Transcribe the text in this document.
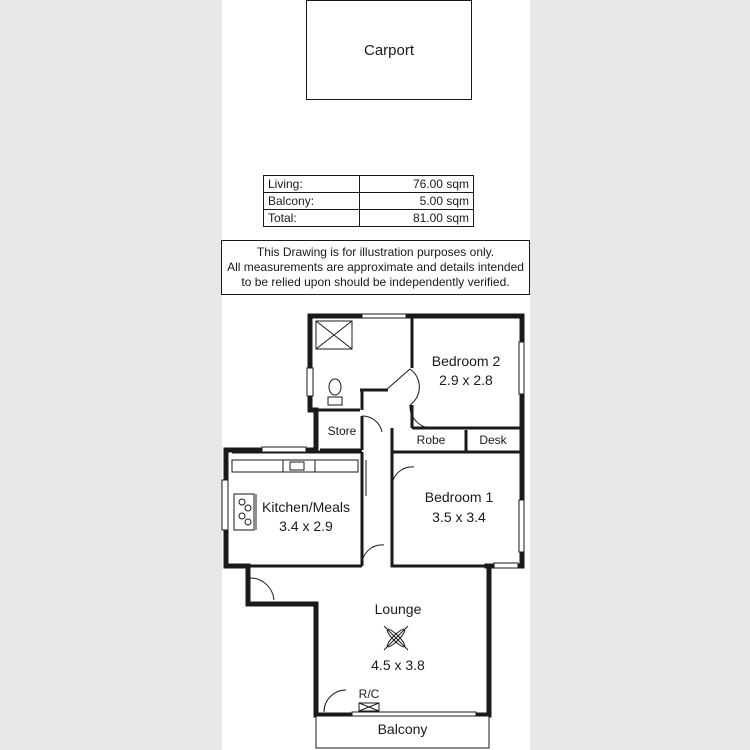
Carport
Living:	76.00 sqm
Balcony:	5.00 sqm
Total:	81.00 sqm
This Drawing is for illustration purposes only.
All measurements are approximate and details intended
to be relied upon should be independently verified.
Bedroom 2
2.9 x 2.8
Robe	Desk
Bedroom 1
3.5 x 3.4
Store
Kitchen/Meals
3.4 x 2.9
Lounge
4.5 x 3.8
R/C
Balcony
